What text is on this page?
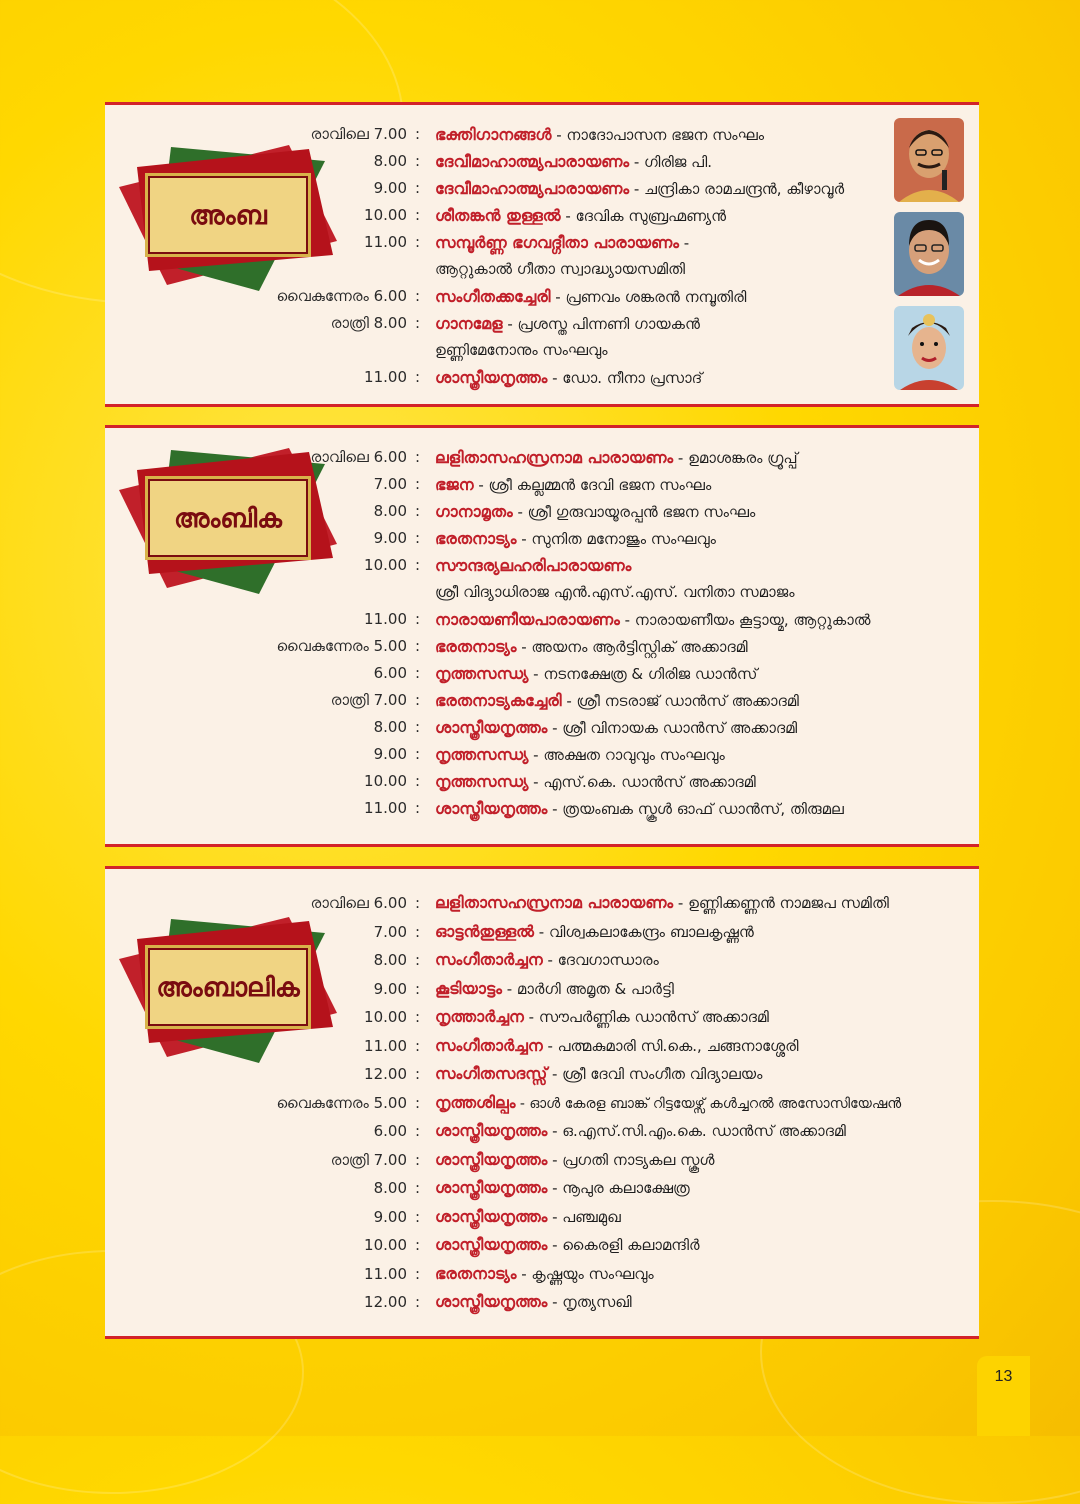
അംബ
രാവിലെ 7.00 : ഭക്തിഗാനങ്ങൾ - നാദോപാസന ഭജന സംഘം
8.00 : ദേവീമാഹാത്മ്യപാരായണം - ഗിരിജ പി.
9.00 : ദേവീമാഹാത്മ്യപാരായണം - ചന്ദ്രികാ രാമചന്ദ്രൻ, കീഴാവൂർ
10.00 : ശീതങ്കൻ തുള്ളൽ - ദേവിക സുബ്രഹ്മണ്യൻ
11.00 : സമ്പൂർണ്ണ ഭഗവദ്ഗീതാ പാരായണം -
ആറ്റുകാൽ ഗീതാ സ്വാദ്ധ്യായസമിതി
വൈകുന്നേരം 6.00 : സംഗീതക്കച്ചേരി - പ്രണവം ശങ്കരൻ നമ്പൂതിരി
രാത്രി 8.00 : ഗാനമേള - പ്രശസ്ത പിന്നണി ഗായകൻ
ഉണ്ണിമേനോനും സംഘവും
11.00 : ശാസ്ത്രീയനൃത്തം - ഡോ. നീനാ പ്രസാദ്
അംബിക
രാവിലെ 6.00 : ലളിതാസഹസ്രനാമ പാരായണം - ഉമാശങ്കരം ഗ്രൂപ്പ്
7.00 : ഭജന - ശ്രീ കല്ലമ്മൻ ദേവി ഭജന സംഘം
8.00 : ഗാനാമൃതം - ശ്രീ ഗുരുവായൂരപ്പൻ ഭജന സംഘം
9.00 : ഭരതനാട്യം - സുനിത മനോജും സംഘവും
10.00 : സൗന്ദര്യലഹരിപാരായണം
ശ്രീ വിദ്യാധിരാജ എൻ.എസ്.എസ്. വനിതാ സമാജം
11.00 : നാരായണീയപാരായണം - നാരായണീയം കൂട്ടായ്മ, ആറ്റുകാൽ
വൈകുന്നേരം 5.00 : ഭരതനാട്യം - അയനം ആർട്ടിസ്റ്റിക് അക്കാദമി
6.00 : നൃത്തസന്ധ്യ - നടനക്ഷേത്ര & ഗിരിജ ഡാൻസ്
രാത്രി 7.00 : ഭരതനാട്യകച്ചേരി - ശ്രീ നടരാജ് ഡാൻസ് അക്കാദമി
8.00 : ശാസ്ത്രീയനൃത്തം - ശ്രീ വിനായക ഡാൻസ് അക്കാദമി
9.00 : നൃത്തസന്ധ്യ - അക്ഷത റാവുവും സംഘവും
10.00 : നൃത്തസന്ധ്യ - എസ്.കെ. ഡാൻസ് അക്കാദമി
11.00 : ശാസ്ത്രീയനൃത്തം - ത്രയംബക സ്കൂൾ ഓഫ് ഡാൻസ്, തിരുമല
അംബാലിക
രാവിലെ 6.00 : ലളിതാസഹസ്രനാമ പാരായണം - ഉണ്ണിക്കണ്ണൻ നാമജപ സമിതി
7.00 : ഓട്ടൻതുള്ളൽ - വിശ്വകലാകേന്ദ്രം ബാലകൃഷ്ണൻ
8.00 : സംഗീതാർച്ചന - ദേവഗാന്ധാരം
9.00 : കൂടിയാട്ടം - മാർഗി അമൃത & പാർട്ടി
10.00 : നൃത്താർച്ചന - സൗപർണ്ണിക ഡാൻസ് അക്കാദമി
11.00 : സംഗീതാർച്ചന - പത്മകുമാരി സി.കെ., ചങ്ങനാശ്ശേരി
12.00 : സംഗീതസദസ്സ് - ശ്രീ ദേവി സംഗീത വിദ്യാലയം
വൈകുന്നേരം 5.00 : നൃത്തശില്പം - ഓൾ കേരള ബാങ്ക് റിട്ടയേഴ്സ് കൾച്ചറൽ അസോസിയേഷൻ
6.00 : ശാസ്ത്രീയനൃത്തം - ഒ.എസ്.സി.എം.കെ. ഡാൻസ് അക്കാദമി
രാത്രി 7.00 : ശാസ്ത്രീയനൃത്തം - പ്രഗതി നാട്യകല സ്കൂൾ
8.00 : ശാസ്ത്രീയനൃത്തം - നൂപുര കലാക്ഷേത്ര
9.00 : ശാസ്ത്രീയനൃത്തം - പഞ്ചമുഖ
10.00 : ശാസ്ത്രീയനൃത്തം - കൈരളി കലാമന്ദിർ
11.00 : ഭരതനാട്യം - കൃഷ്ണയും സംഘവും
12.00 : ശാസ്ത്രീയനൃത്തം - നൃത്യസഖി
13
